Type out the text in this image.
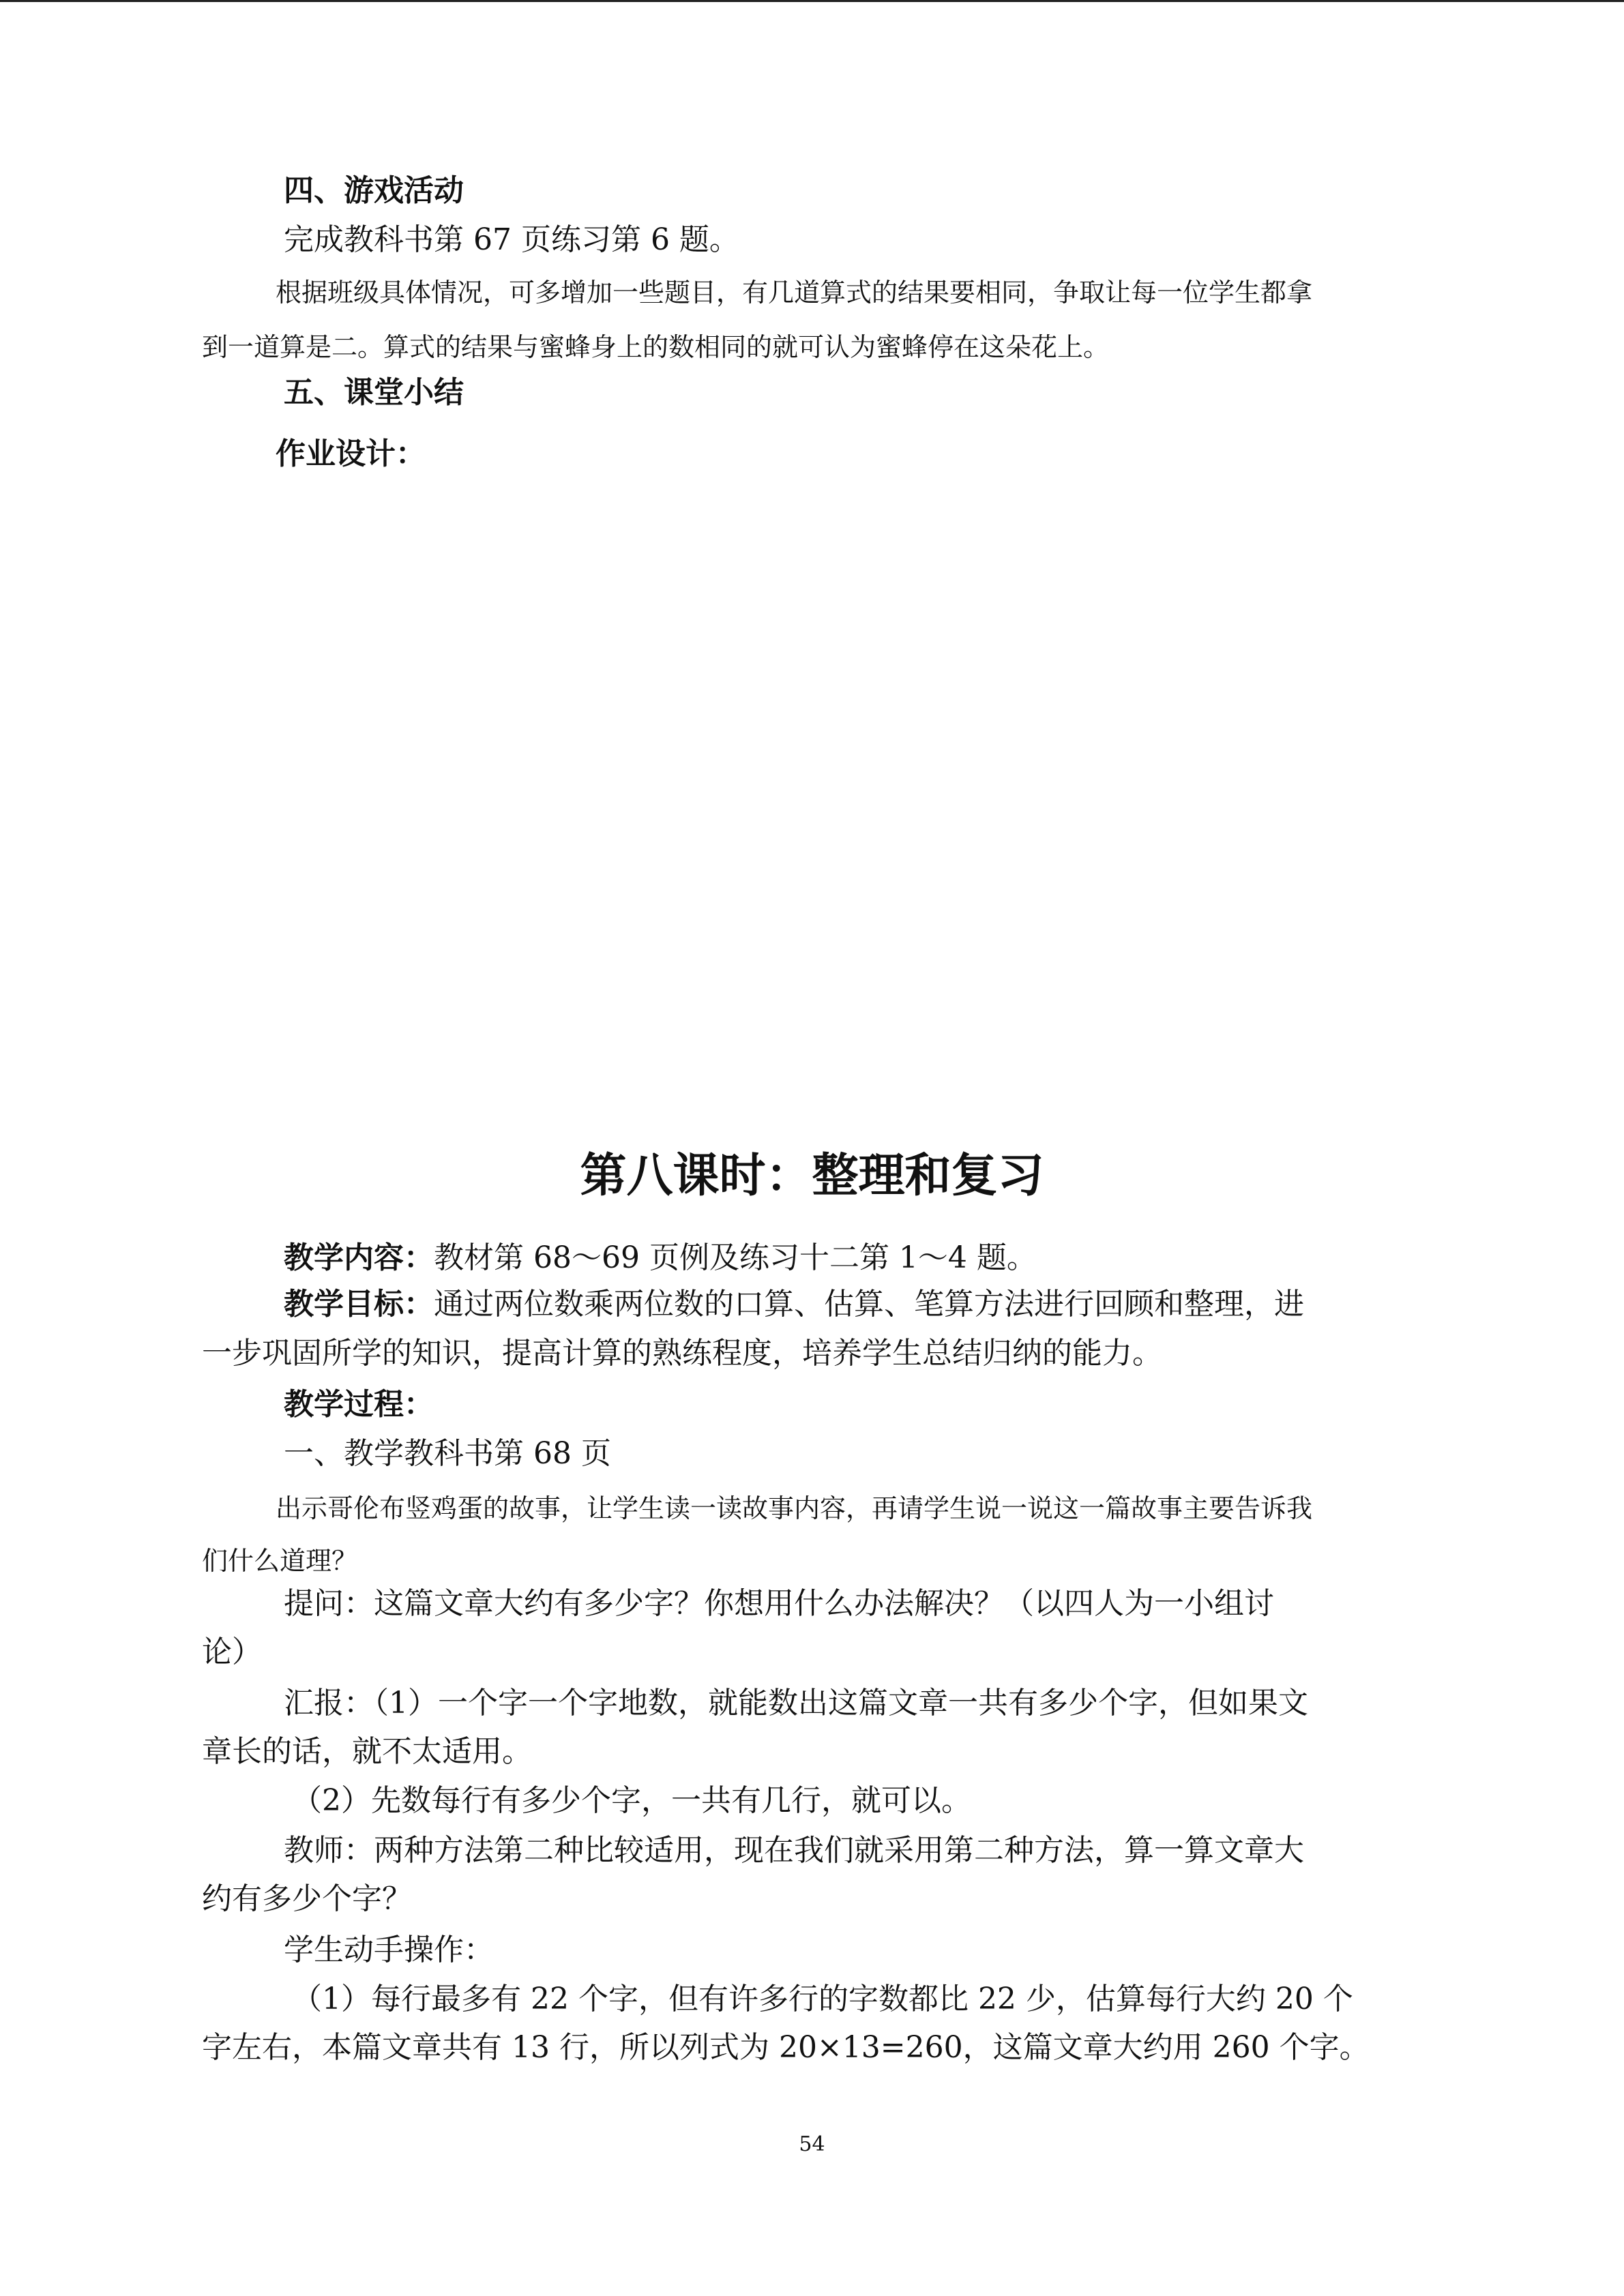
四、游戏活动
完成教科书第 67 页练习第 6 题。
根据班级具体情况，可多增加一些题目，有几道算式的结果要相同，争取让每一位学生都拿
到一道算是二。算式的结果与蜜蜂身上的数相同的就可认为蜜蜂停在这朵花上。
五、课堂小结
作业设计：
第八课时：整理和复习
教学内容：教材第 68～69 页例及练习十二第 1～4 题。
教学目标：通过两位数乘两位数的口算、估算、笔算方法进行回顾和整理，进
一步巩固所学的知识，提高计算的熟练程度，培养学生总结归纳的能力。
教学过程：
一、教学教科书第 68 页
出示哥伦布竖鸡蛋的故事，让学生读一读故事内容，再请学生说一说这一篇故事主要告诉我
们什么道理？
提问：这篇文章大约有多少字？你想用什么办法解决？（以四人为一小组讨
论）
汇报：（1）一个字一个字地数，就能数出这篇文章一共有多少个字，但如果文
章长的话，就不太适用。
（2）先数每行有多少个字，一共有几行，就可以。
教师：两种方法第二种比较适用，现在我们就采用第二种方法，算一算文章大
约有多少个字？
学生动手操作：
（1）每行最多有 22 个字，但有许多行的字数都比 22 少，估算每行大约 20 个
字左右，本篇文章共有 13 行，所以列式为 20×13=260，这篇文章大约用 260 个字。
54
